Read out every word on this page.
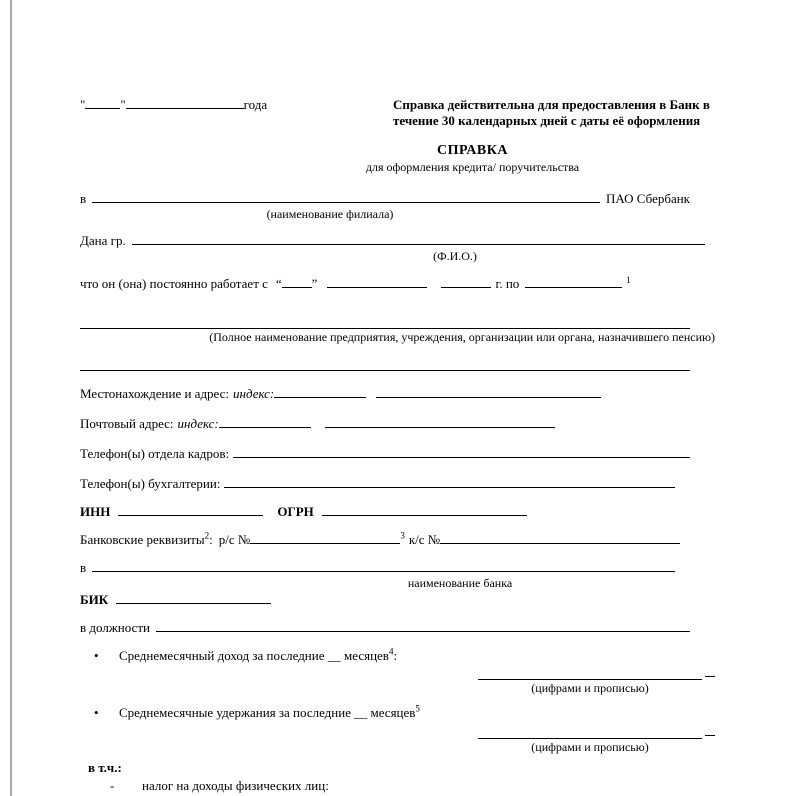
"	"	года	Справка действительна для предоставления в Банк в течение 30 календарных дней с даты её оформления
СПРАВКА
для оформления кредита/ поручительства
в	ПАО Сбербанк
(наименование филиала)
Дана гр.
(Ф.И.О.)
что он (она) постоянно работает с “ ”	г. по	$^1$
(Полное наименование предприятия, учреждения, организации или органа, назначившего пенсию)
Местонахождение и адрес: индекс:
Почтовый адрес: индекс:
Телефон(ы) отдела кадров:
Телефон(ы) бухгалтерии:
ИНН	ОГРН
Банковские реквизиты$^2$: р/с №	$^3$ к/с №
в
наименование банка
БИК
в должности
• Среднемесячный доход за последние __ месяцев$^4$:
(цифрами и прописью)
• Среднемесячные удержания за последние __ месяцев$^5$
(цифрами и прописью)
в т.ч.:
-	налог на доходы физических лиц:
